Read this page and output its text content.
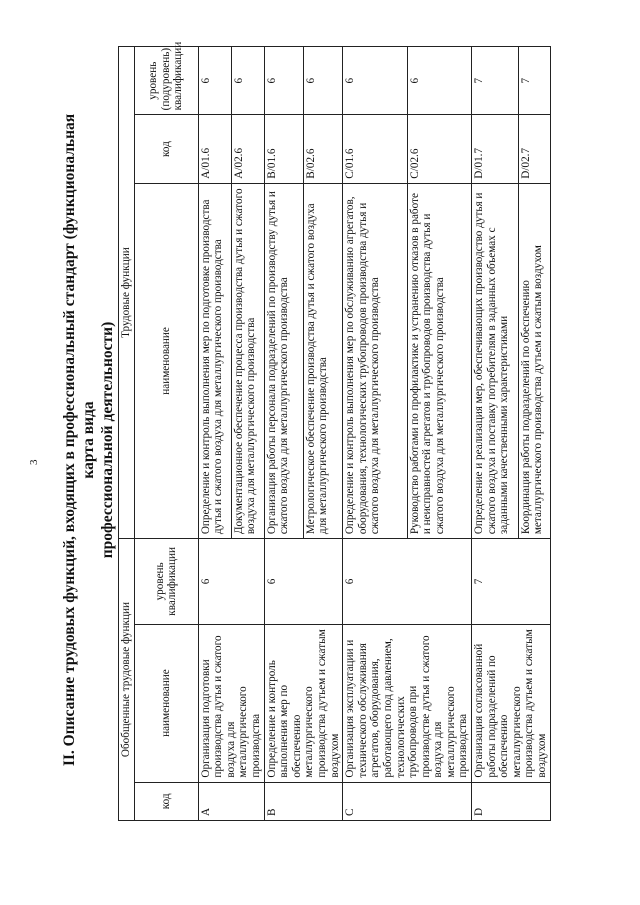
3 II. Описание трудовых функций, входящих в профессиональный стандарт (функциональная карта вида профессиональной деятельности)
Обобщенные трудовые функции			Трудовые функции		
код	наименование	уровень квалификации	наименование	код	уровень (подуровень) квалификации
A	Организация подготовки производства дутья и сжатого воздуха для металлургического производства	6	Определение и контроль выполнения мер по подготовке производства дутья и сжатого воздуха для металлургического производства	A/01.6	6
			Документационное обеспечение процесса производства дутья и сжатого воздуха для металлургического производства	A/02.6	6
B	Определение и контроль выполнения мер по обеспечению металлургического производства дутьем и сжатым воздухом	6	Организация работы персонала подразделений по производству дутья и сжатого воздуха для металлургического производства	B/01.6	6
			Метрологическое обеспечение производства дутья и сжатого воздуха для металлургического производства	B/02.6	6
C	Организация эксплуатации и технического обслуживания агрегатов, оборудования, работающего под давлением, технологических трубопроводов при производстве дутья и сжатого воздуха для металлургического производства	6	Определение и контроль выполнения мер по обслуживанию агрегатов, оборудования, технологических трубопроводов производства дутья и сжатого воздуха для металлургического производства	C/01.6	6
			Руководство работами по профилактике и устранению отказов в работе и неисправностей агрегатов и трубопроводов производства дутья и сжатого воздуха для металлургического производства	C/02.6	6
D	Организация согласованной работы подразделений по обеспечению металлургического производства дутьем и сжатым воздухом	7	Определение и реализация мер, обеспечивающих производство дутья и сжатого воздуха и поставку потребителям в заданных объемах с заданными качественными характеристиками	D/01.7	7
			Координация работы подразделений по обеспечению металлургического производства дутьем и сжатым воздухом	D/02.7	7
